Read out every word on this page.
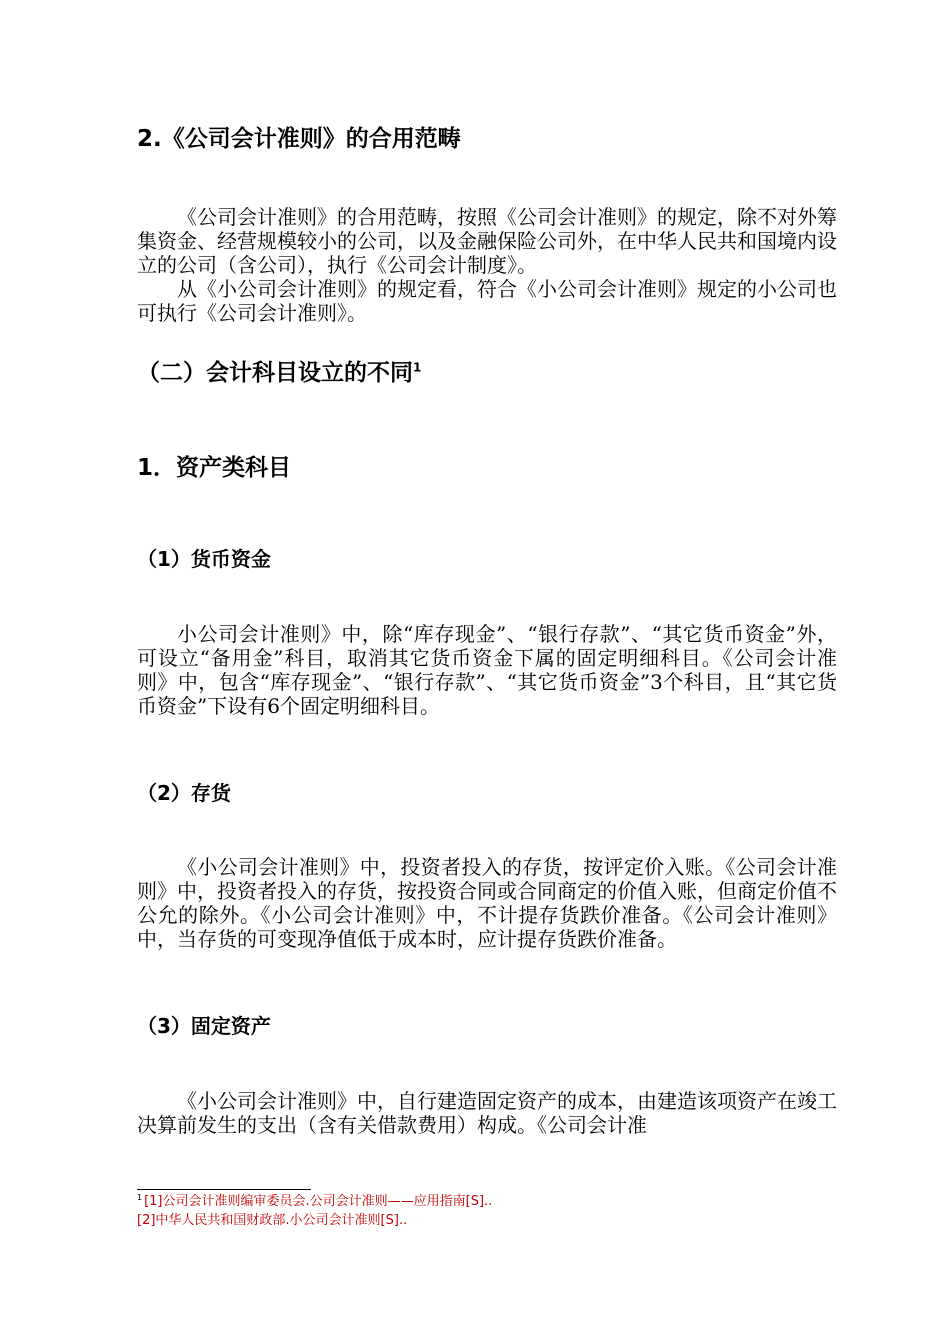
2.《公司会计准则》的合用范畴

《公司会计准则》的合用范畴，按照《公司会计准则》的规定，除不对外筹集资金、经营规模较小的公司，以及金融保险公司外，在中华人民共和国境内设立的公司（含公司），执行《公司会计制度》。

从《小公司会计准则》的规定看，符合《小公司会计准则》规定的小公司也可执行《公司会计准则》。

（二）会计科目设立的不同$^1$
1．资产类科目
（1）货币资金

小公司会计准则》中，除“库存现金”、“银行存款”、“其它货币资金”外，可设立“备用金”科目，取消其它货币资金下属的固定明细科目。《公司会计准则》中，包含“库存现金”、“银行存款”、“其它货币资金”3个科目，且“其它货币资金”下设有6个固定明细科目。

（2）存货

《小公司会计准则》中，投资者投入的存货，按评定价入账。《公司会计准则》中，投资者投入的存货，按投资合同或合同商定的价值入账，但商定价值不公允的除外。《小公司会计准则》中，不计提存货跌价准备。《公司会计准则》中，当存货的可变现净值低于成本时，应计提存货跌价准备。

（3）固定资产

《小公司会计准则》中，自行建造固定资产的成本，由建造该项资产在竣工决算前发生的支出（含有关借款费用）构成。《公司会计准

$^1$ [1]公司会计准则编审委员会.公司会计准则——应用指南[S]..
[2]中华人民共和国财政部.小公司会计准则[S]..
